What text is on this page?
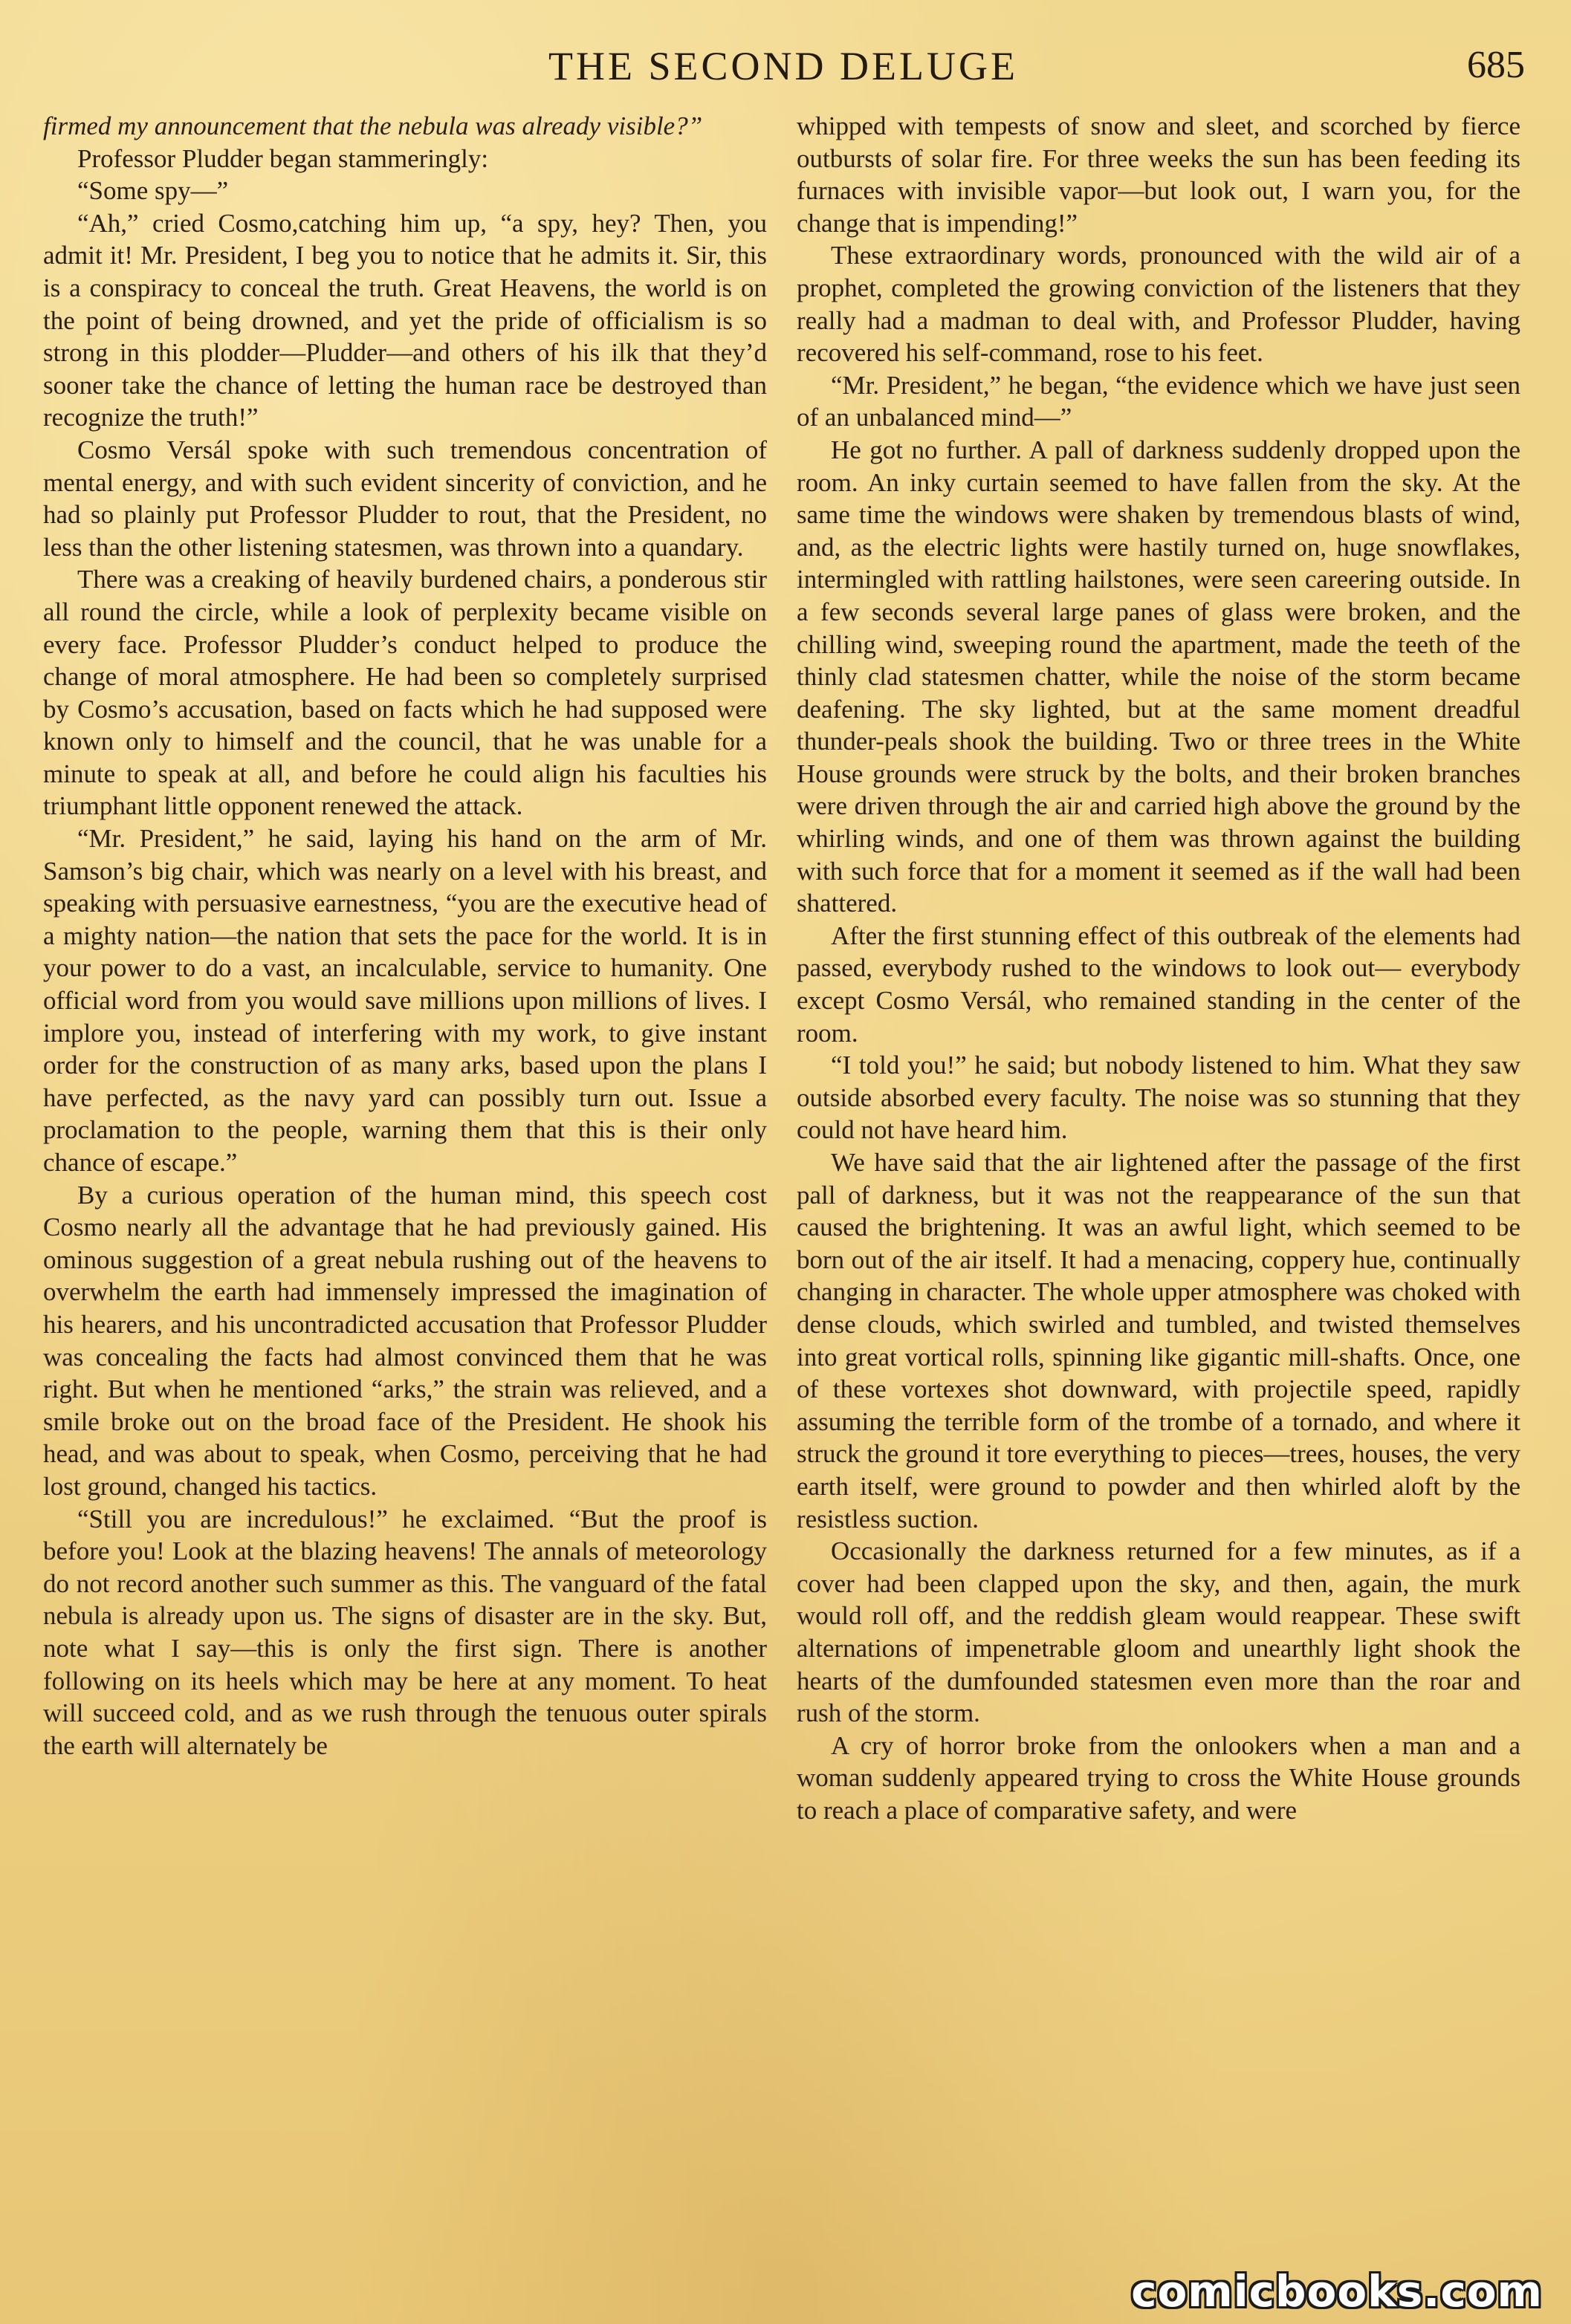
THE SECOND DELUGE	685

firmed my announcement that the nebula was already visible?”

Professor Pludder began stammeringly:

“Some spy—”

“Ah,” cried Cosmo,catching him up, “a spy, hey? Then, you admit it! Mr. President, I beg you to notice that he admits it. Sir, this is a conspiracy to conceal the truth. Great Heavens, the world is on the point of being drowned, and yet the pride of officialism is so strong in this plodder—Pludder—and others of his ilk that they’d sooner take the chance of letting the human race be destroyed than recognize the truth!”

Cosmo Versál spoke with such tremendous concentration of mental energy, and with such evident sincerity of conviction, and he had so plainly put Professor Pludder to rout, that the President, no less than the other listening statesmen, was thrown into a quandary.

There was a creaking of heavily burdened chairs, a ponderous stir all round the circle, while a look of perplexity became visible on every face. Professor Pludder’s conduct helped to produce the change of moral atmosphere. He had been so completely surprised by Cosmo’s accusation, based on facts which he had supposed were known only to himself and the council, that he was unable for a minute to speak at all, and before he could align his faculties his triumphant little opponent renewed the attack.

“Mr. President,” he said, laying his hand on the arm of Mr. Samson’s big chair, which was nearly on a level with his breast, and speaking with persuasive earnestness, “you are the executive head of a mighty nation—the nation that sets the pace for the world. It is in your power to do a vast, an incalculable, service to humanity. One official word from you would save millions upon millions of lives. I implore you, instead of interfering with my work, to give instant order for the construction of as many arks, based upon the plans I have perfected, as the navy yard can possibly turn out. Issue a proclamation to the people, warning them that this is their only chance of escape.”

By a curious operation of the human mind, this speech cost Cosmo nearly all the advantage that he had previously gained. His ominous suggestion of a great nebula rushing out of the heavens to overwhelm the earth had immensely impressed the imagination of his hearers, and his uncontradicted accusation that Professor Pludder was concealing the facts had almost convinced them that he was right. But when he mentioned “arks,” the strain was relieved, and a smile broke out on the broad face of the President. He shook his head, and was about to speak, when Cosmo, perceiving that he had lost ground, changed his tactics.

“Still you are incredulous!” he exclaimed. “But the proof is before you! Look at the blazing heavens! The annals of meteorology do not record another such summer as this. The vanguard of the fatal nebula is already upon us. The signs of disaster are in the sky. But, note what I say—this is only the first sign. There is another following on its heels which may be here at any moment. To heat will succeed cold, and as we rush through the tenuous outer spirals the earth will alternately be

whipped with tempests of snow and sleet, and scorched by fierce outbursts of solar fire. For three weeks the sun has been feeding its furnaces with invisible vapor—but look out, I warn you, for the change that is impending!”

These extraordinary words, pronounced with the wild air of a prophet, completed the growing conviction of the listeners that they really had a madman to deal with, and Professor Pludder, having recovered his self-command, rose to his feet.

“Mr. President,” he began, “the evidence which we have just seen of an unbalanced mind—”

He got no further. A pall of darkness suddenly dropped upon the room. An inky curtain seemed to have fallen from the sky. At the same time the windows were shaken by tremendous blasts of wind, and, as the electric lights were hastily turned on, huge snowflakes, intermingled with rattling hailstones, were seen careering outside. In a few seconds several large panes of glass were broken, and the chilling wind, sweeping round the apartment, made the teeth of the thinly clad statesmen chatter, while the noise of the storm became deafening. The sky lighted, but at the same moment dreadful thunder-peals shook the building. Two or three trees in the White House grounds were struck by the bolts, and their broken branches were driven through the air and carried high above the ground by the whirling winds, and one of them was thrown against the building with such force that for a moment it seemed as if the wall had been shattered.

After the first stunning effect of this outbreak of the elements had passed, everybody rushed to the windows to look out— everybody except Cosmo Versál, who remained standing in the center of the room.

“I told you!” he said; but nobody listened to him. What they saw outside absorbed every faculty. The noise was so stunning that they could not have heard him.

We have said that the air lightened after the passage of the first pall of darkness, but it was not the reappearance of the sun that caused the brightening. It was an awful light, which seemed to be born out of the air itself. It had a menacing, coppery hue, continually changing in character. The whole upper atmosphere was choked with dense clouds, which swirled and tumbled, and twisted themselves into great vortical rolls, spinning like gigantic mill-shafts. Once, one of these vortexes shot downward, with projectile speed, rapidly assuming the terrible form of the trombe of a tornado, and where it struck the ground it tore everything to pieces—trees, houses, the very earth itself, were ground to powder and then whirled aloft by the resistless suction.

Occasionally the darkness returned for a few minutes, as if a cover had been clapped upon the sky, and then, again, the murk would roll off, and the reddish gleam would reappear. These swift alternations of impenetrable gloom and unearthly light shook the hearts of the dumfounded statesmen even more than the roar and rush of the storm.

A cry of horror broke from the onlookers when a man and a woman suddenly appeared trying to cross the White House grounds to reach a place of comparative safety, and were

comicbooks.com
